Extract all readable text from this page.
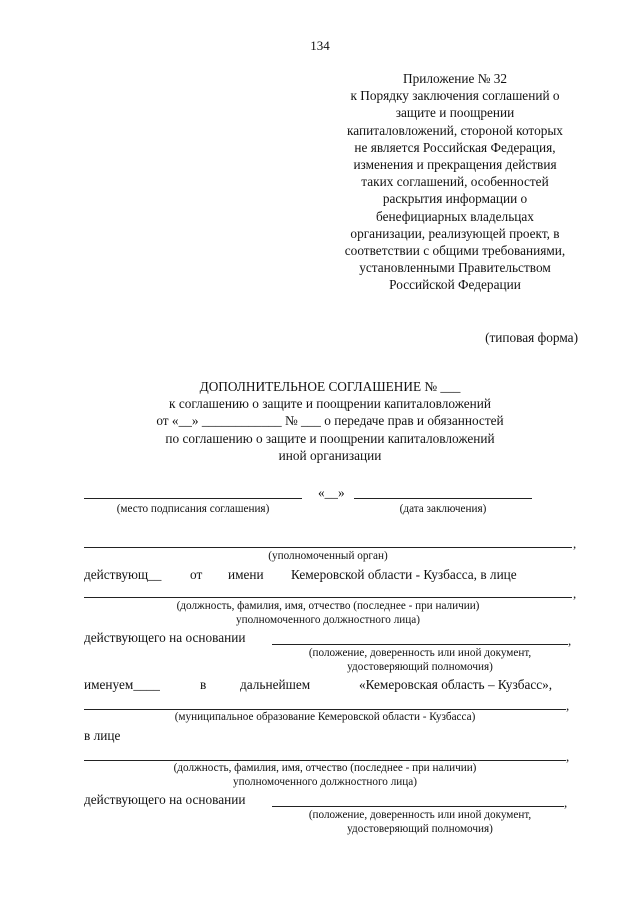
134
Приложение № 32
к Порядку заключения соглашений о
защите и поощрении
капиталовложений, стороной которых
не является Российская Федерация,
изменения и прекращения действия
таких соглашений, особенностей
раскрытия информации о
бенефициарных владельцах
организации, реализующей проект, в
соответствии с общими требованиями,
установленными Правительством
Российской Федерации
(типовая форма)
ДОПОЛНИТЕЛЬНОЕ СОГЛАШЕНИЕ № ___
к соглашению о защите и поощрении капиталовложений
от «__» ____________ № ___ о передаче прав и обязанностей
по соглашению о защите и поощрении капиталовложений
иной организации
«__»
(место подписания соглашения)	(дата заключения)
,
(уполномоченный орган)
действующ__ от имени Кемеровской области - Кузбасса, в лице
,
(должность, фамилия, имя, отчество (последнее - при наличии)
уполномоченного должностного лица)
действующего на основании	,
(положение, доверенность или иной документ,
удостоверяющий полномочия)
именуем____	в	дальнейшем	«Кемеровская область – Кузбасс»,
,
(муниципальное образование Кемеровской области - Кузбасса)
в лице
,
(должность, фамилия, имя, отчество (последнее - при наличии)
уполномоченного должностного лица)
действующего на основании	,
(положение, доверенность или иной документ,
удостоверяющий полномочия)
